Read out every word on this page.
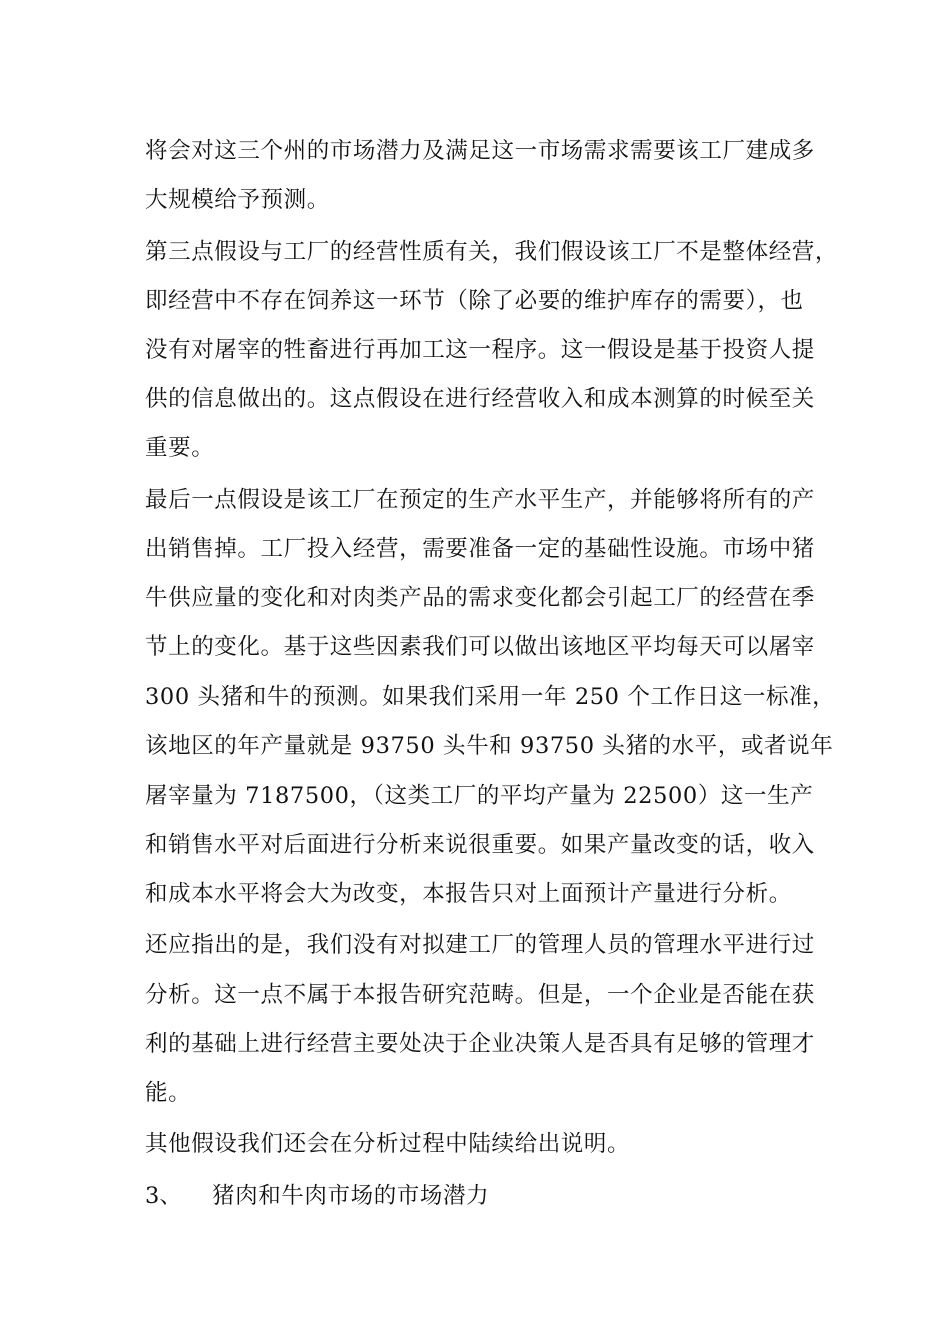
将会对这三个州的市场潜力及满足这一市场需求需要该工厂建成多
大规模给予预测。
第三点假设与工厂的经营性质有关，我们假设该工厂不是整体经营，
即经营中不存在饲养这一环节（除了必要的维护库存的需要），也
没有对屠宰的牲畜进行再加工这一程序。这一假设是基于投资人提
供的信息做出的。这点假设在进行经营收入和成本测算的时候至关
重要。
最后一点假设是该工厂在预定的生产水平生产，并能够将所有的产
出销售掉。工厂投入经营，需要准备一定的基础性设施。市场中猪
牛供应量的变化和对肉类产品的需求变化都会引起工厂的经营在季
节上的变化。基于这些因素我们可以做出该地区平均每天可以屠宰
300 头猪和牛的预测。如果我们采用一年 250 个工作日这一标准，
该地区的年产量就是 93750 头牛和 93750 头猪的水平，或者说年
屠宰量为 7187500，（这类工厂的平均产量为 22500）这一生产
和销售水平对后面进行分析来说很重要。如果产量改变的话，收入
和成本水平将会大为改变，本报告只对上面预计产量进行分析。
还应指出的是，我们没有对拟建工厂的管理人员的管理水平进行过
分析。这一点不属于本报告研究范畴。但是，一个企业是否能在获
利的基础上进行经营主要处决于企业决策人是否具有足够的管理才
能。
其他假设我们还会在分析过程中陆续给出说明。
3、 猪肉和牛肉市场的市场潜力
